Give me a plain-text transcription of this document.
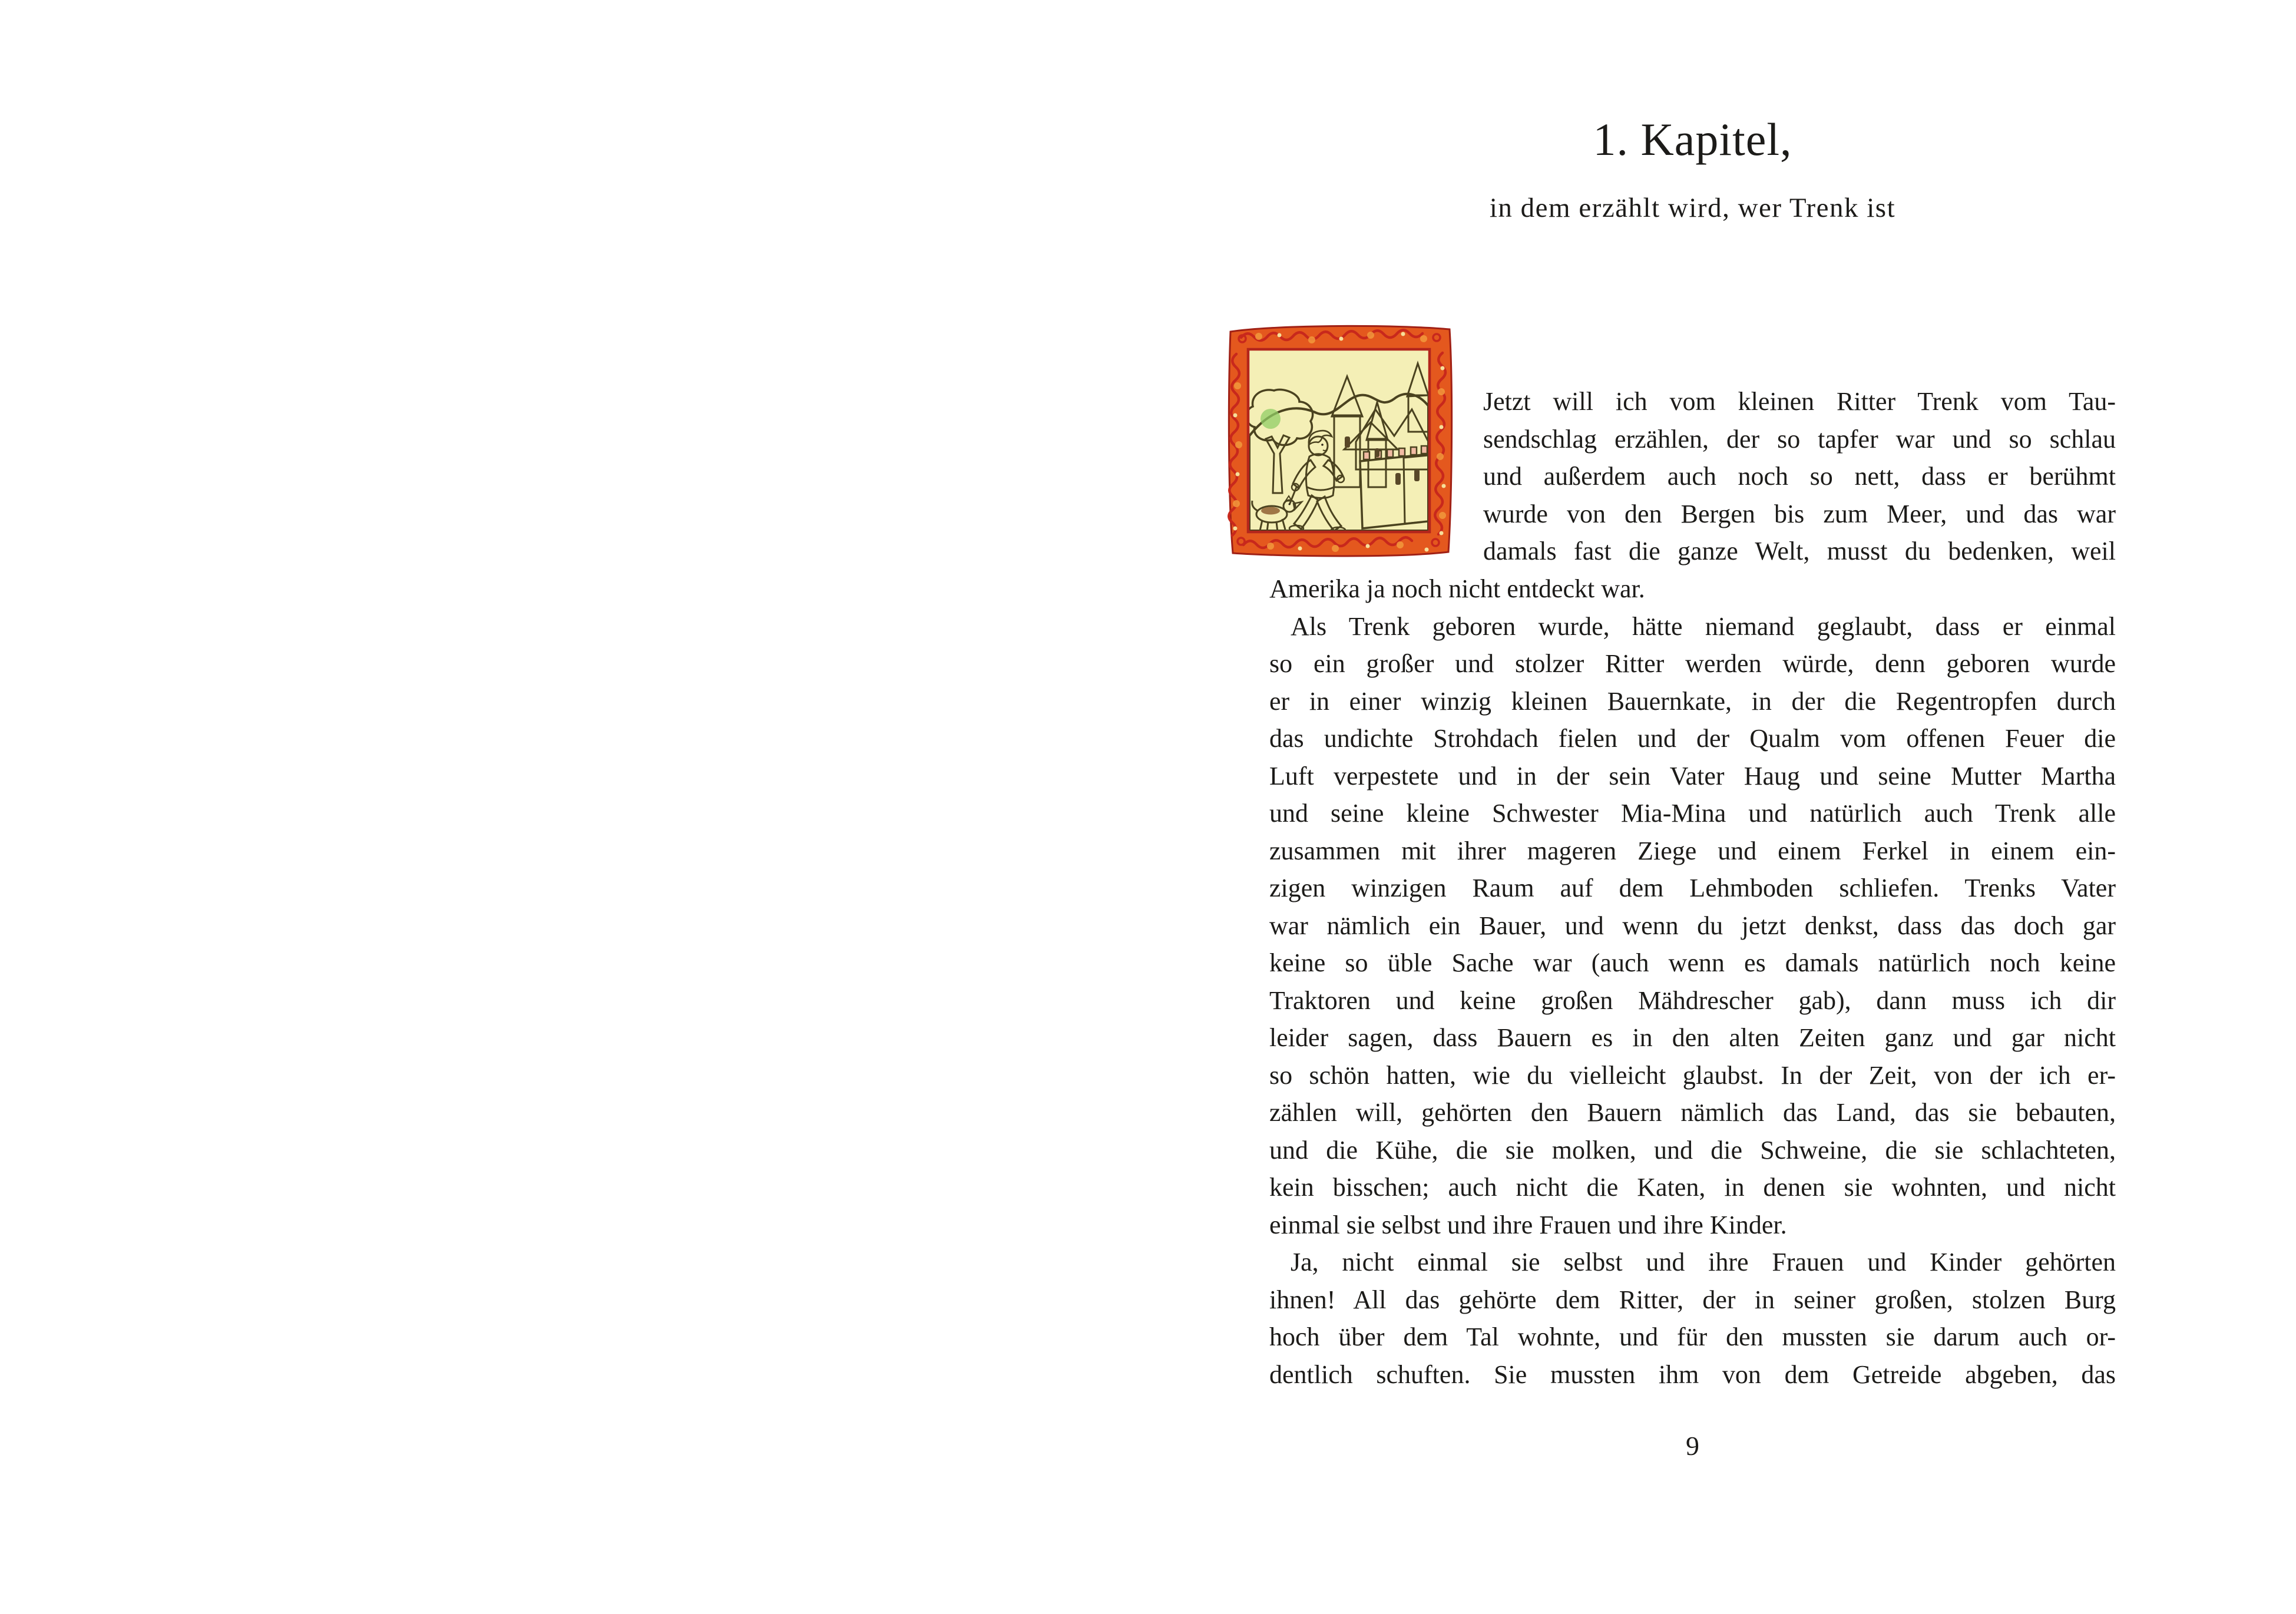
1. Kapitel,
in dem erzählt wird, wer Trenk ist
Jetzt will ich vom kleinen Ritter Trenk vom Tau-
sendschlag erzählen, der so tapfer war und so schlau
und außerdem auch noch so nett, dass er berühmt
wurde von den Bergen bis zum Meer, und das war
damals fast die ganze Welt, musst du bedenken, weil
Amerika ja noch nicht entdeckt war.
Als Trenk geboren wurde, hätte niemand geglaubt, dass er einmal
so ein großer und stolzer Ritter werden würde, denn geboren wurde
er in einer winzig kleinen Bauernkate, in der die Regentropfen durch
das undichte Strohdach fielen und der Qualm vom offenen Feuer die
Luft verpestete und in der sein Vater Haug und seine Mutter Martha
und seine kleine Schwester Mia-Mina und natürlich auch Trenk alle
zusammen mit ihrer mageren Ziege und einem Ferkel in einem ein-
zigen winzigen Raum auf dem Lehmboden schliefen. Trenks Vater
war nämlich ein Bauer, und wenn du jetzt denkst, dass das doch gar
keine so üble Sache war (auch wenn es damals natürlich noch keine
Traktoren und keine großen Mähdrescher gab), dann muss ich dir
leider sagen, dass Bauern es in den alten Zeiten ganz und gar nicht
so schön hatten, wie du vielleicht glaubst. In der Zeit, von der ich er-
zählen will, gehörten den Bauern nämlich das Land, das sie bebauten,
und die Kühe, die sie molken, und die Schweine, die sie schlachteten,
kein bisschen; auch nicht die Katen, in denen sie wohnten, und nicht
einmal sie selbst und ihre Frauen und ihre Kinder.
Ja, nicht einmal sie selbst und ihre Frauen und Kinder gehörten
ihnen! All das gehörte dem Ritter, der in seiner großen, stolzen Burg
hoch über dem Tal wohnte, und für den mussten sie darum auch or-
dentlich schuften. Sie mussten ihm von dem Getreide abgeben, das
9
